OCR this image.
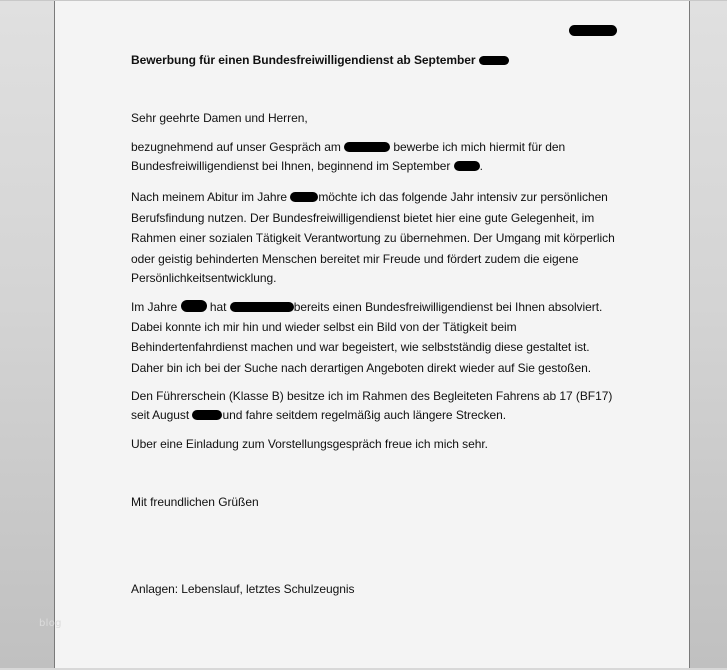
Bewerbung für einen Bundesfreiwilligendienst ab September
Sehr geehrte Damen und Herren,
bezugnehmend auf unser Gespräch am	bewerbe ich mich hiermit für den
Bundesfreiwilligendienst bei Ihnen, beginnend im September .
Nach meinem Abitur im Jahre	möchte ich das folgende Jahr intensiv zur persönlichen
Berufsfindung nutzen. Der Bundesfreiwilligendienst bietet hier eine gute Gelegenheit, im
Rahmen einer sozialen Tätigkeit Verantwortung zu übernehmen. Der Umgang mit körperlich
oder geistig behinderten Menschen bereitet mir Freude und fördert zudem die eigene
Persönlichkeitsentwicklung.
Im Jahre	hat	bereits einen Bundesfreiwilligendienst bei Ihnen absolviert.
Dabei konnte ich mir hin und wieder selbst ein Bild von der Tätigkeit beim
Behindertenfahrdienst machen und war begeistert, wie selbstständig diese gestaltet ist.
Daher bin ich bei der Suche nach derartigen Angeboten direkt wieder auf Sie gestoßen.
Den Führerschein (Klasse B) besitze ich im Rahmen des Begleiteten Fahrens ab 17 (BF17)
seit August	und fahre seitdem regelmäßig auch längere Strecken.
Uber eine Einladung zum Vorstellungsgespräch freue ich mich sehr.
Mit freundlichen Grüßen
Anlagen: Lebenslauf, letztes Schulzeugnis
blog
